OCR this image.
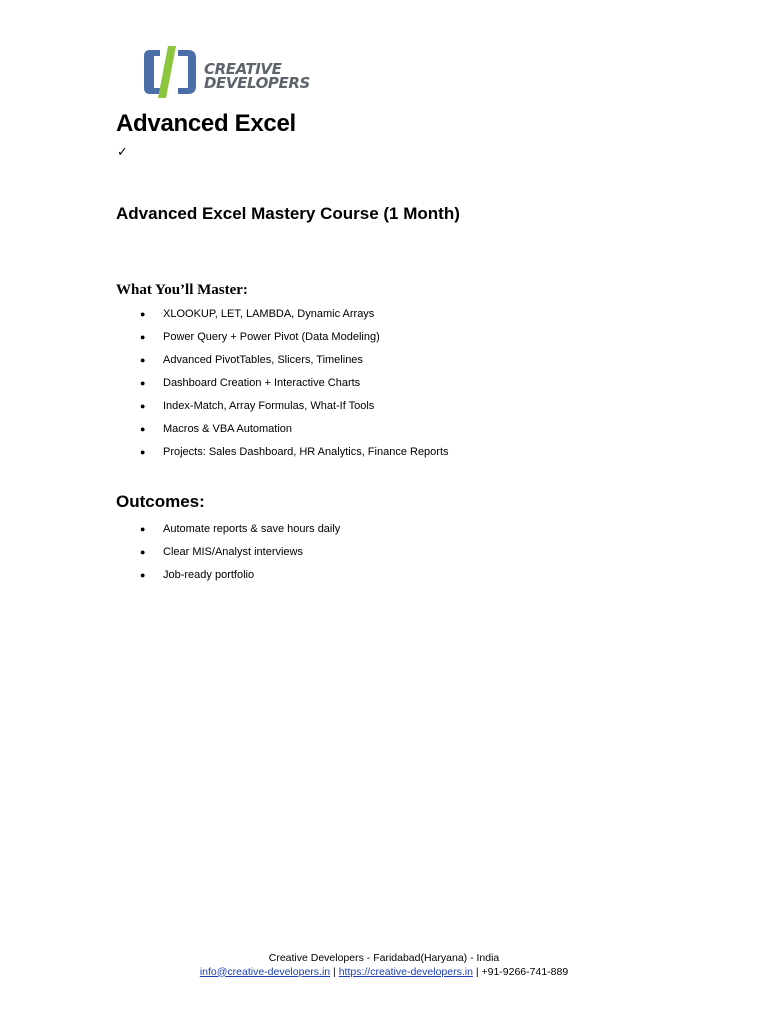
CREATIVE
DEVELOPERS
Advanced Excel
✓
Advanced Excel Mastery Course (1 Month)
What You’ll Master:
● XLOOKUP, LET, LAMBDA, Dynamic Arrays
● Power Query + Power Pivot (Data Modeling)
● Advanced PivotTables, Slicers, Timelines
● Dashboard Creation + Interactive Charts
● Index-Match, Array Formulas, What-If Tools
● Macros & VBA Automation
● Projects: Sales Dashboard, HR Analytics, Finance Reports
Outcomes:
● Automate reports & save hours daily
● Clear MIS/Analyst interviews
● Job-ready portfolio
Creative Developers - Faridabad(Haryana) - India
info@creative-developers.in | https://creative-developers.in | +91-9266-741-889
